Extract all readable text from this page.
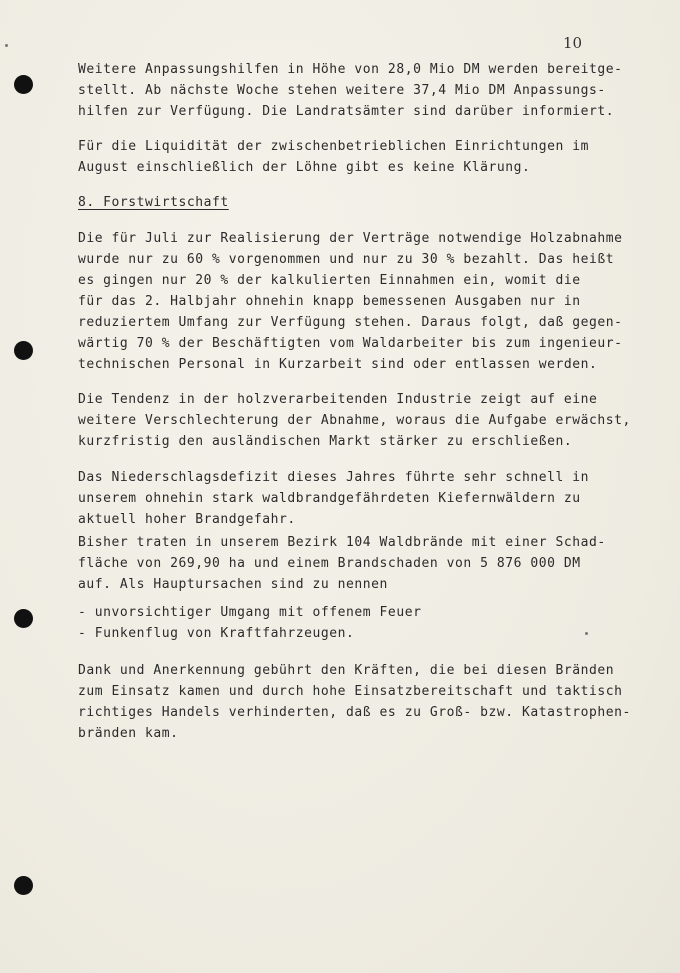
10
Weitere Anpassungshilfen in Höhe von 28,0 Mio DM werden bereitge-
stellt. Ab nächste Woche stehen weitere 37,4 Mio DM Anpassungs-
hilfen zur Verfügung. Die Landratsämter sind darüber informiert.
Für die Liquidität der zwischenbetrieblichen Einrichtungen im
August einschließlich der Löhne gibt es keine Klärung.
8. Forstwirtschaft
Die für Juli zur Realisierung der Verträge notwendige Holzabnahme
wurde nur zu 60 % vorgenommen und nur zu 30 % bezahlt. Das heißt
es gingen nur 20 % der kalkulierten Einnahmen ein, womit die
für das 2. Halbjahr ohnehin knapp bemessenen Ausgaben nur in
reduziertem Umfang zur Verfügung stehen. Daraus folgt, daß gegen-
wärtig 70 % der Beschäftigten vom Waldarbeiter bis zum ingenieur-
technischen Personal in Kurzarbeit sind oder entlassen werden.
Die Tendenz in der holzverarbeitenden Industrie zeigt auf eine
weitere Verschlechterung der Abnahme, woraus die Aufgabe erwächst,
kurzfristig den ausländischen Markt stärker zu erschließen.
Das Niederschlagsdefizit dieses Jahres führte sehr schnell in
unserem ohnehin stark waldbrandgefährdeten Kiefernwäldern zu
aktuell hoher Brandgefahr.
Bisher traten in unserem Bezirk 104 Waldbrände mit einer Schad-
fläche von 269,90 ha und einem Brandschaden von 5 876 000 DM
auf. Als Hauptursachen sind zu nennen
- unvorsichtiger Umgang mit offenem Feuer
- Funkenflug von Kraftfahrzeugen.
Dank und Anerkennung gebührt den Kräften, die bei diesen Bränden
zum Einsatz kamen und durch hohe Einsatzbereitschaft und taktisch
richtiges Handels verhinderten, daß es zu Groß- bzw. Katastrophen-
bränden kam.
